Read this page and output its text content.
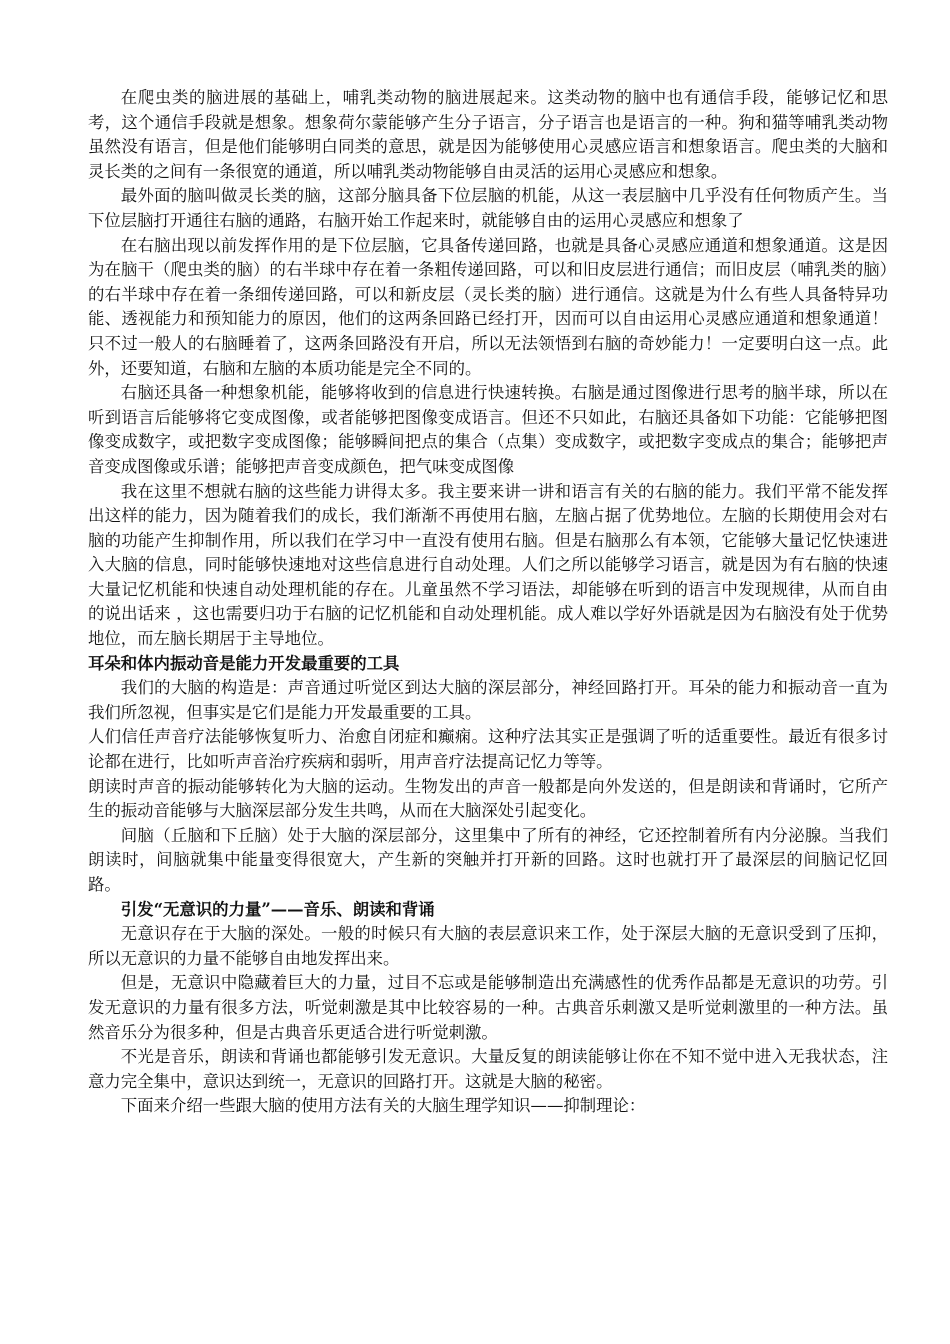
在爬虫类的脑进展的基础上，哺乳类动物的脑进展起来。这类动物的脑中也有通信手段，能够记忆和思考，这个通信手段就是想象。想象荷尔蒙能够产生分子语言，分子语言也是语言的一种。狗和猫等哺乳类动物虽然没有语言，但是他们能够明白同类的意思，就是因为能够使用心灵感应语言和想象语言。爬虫类的大脑和灵长类的之间有一条很宽的通道，所以哺乳类动物能够自由灵活的运用心灵感应和想象。

最外面的脑叫做灵长类的脑，这部分脑具备下位层脑的机能，从这一表层脑中几乎没有任何物质产生。当下位层脑打开通往右脑的通路，右脑开始工作起来时，就能够自由的运用心灵感应和想象了

在右脑出现以前发挥作用的是下位层脑，它具备传递回路，也就是具备心灵感应通道和想象通道。这是因为在脑干（爬虫类的脑）的右半球中存在着一条粗传递回路，可以和旧皮层进行通信；而旧皮层（哺乳类的脑）的右半球中存在着一条细传递回路，可以和新皮层（灵长类的脑）进行通信。这就是为什么有些人具备特异功能、透视能力和预知能力的原因，他们的这两条回路已经打开，因而可以自由运用心灵感应通道和想象通道！只不过一般人的右脑睡着了，这两条回路没有开启，所以无法领悟到右脑的奇妙能力！一定要明白这一点。此外，还要知道，右脑和左脑的本质功能是完全不同的。

右脑还具备一种想象机能，能够将收到的信息进行快速转换。右脑是通过图像进行思考的脑半球，所以在听到语言后能够将它变成图像，或者能够把图像变成语言。但还不只如此，右脑还具备如下功能：它能够把图像变成数字，或把数字变成图像；能够瞬间把点的集合（点集）变成数字，或把数字变成点的集合；能够把声音变成图像或乐谱；能够把声音变成颜色，把气味变成图像

我在这里不想就右脑的这些能力讲得太多。我主要来讲一讲和语言有关的右脑的能力。我们平常不能发挥出这样的能力，因为随着我们的成长，我们渐渐不再使用右脑，左脑占据了优势地位。左脑的长期使用会对右脑的功能产生抑制作用，所以我们在学习中一直没有使用右脑。但是右脑那么有本领，它能够大量记忆快速进入大脑的信息，同时能够快速地对这些信息进行自动处理。人们之所以能够学习语言，就是因为有右脑的快速大量记忆机能和快速自动处理机能的存在。儿童虽然不学习语法，却能够在听到的语言中发现规律，从而自由的说出话来 ，这也需要归功于右脑的记忆机能和自动处理机能。成人难以学好外语就是因为右脑没有处于优势地位，而左脑长期居于主导地位。

耳朵和体内振动音是能力开发最重要的工具

我们的大脑的构造是：声音通过听觉区到达大脑的深层部分，神经回路打开。耳朵的能力和振动音一直为我们所忽视，但事实是它们是能力开发最重要的工具。

人们信任声音疗法能够恢复听力、治愈自闭症和癫痫。这种疗法其实正是强调了听的适重要性。最近有很多讨论都在进行，比如听声音治疗疾病和弱听，用声音疗法提高记忆力等等。

朗读时声音的振动能够转化为大脑的运动。生物发出的声音一般都是向外发送的，但是朗读和背诵时，它所产生的振动音能够与大脑深层部分发生共鸣，从而在大脑深处引起变化。

间脑（丘脑和下丘脑）处于大脑的深层部分，这里集中了所有的神经，它还控制着所有内分泌腺。当我们朗读时，间脑就集中能量变得很宽大，产生新的突触并打开新的回路。这时也就打开了最深层的间脑记忆回路。

引发“无意识的力量”——音乐、朗读和背诵

无意识存在于大脑的深处。一般的时候只有大脑的表层意识来工作，处于深层大脑的无意识受到了压抑，所以无意识的力量不能够自由地发挥出来。

但是，无意识中隐藏着巨大的力量，过目不忘或是能够制造出充满感性的优秀作品都是无意识的功劳。引发无意识的力量有很多方法，听觉刺激是其中比较容易的一种。古典音乐刺激又是听觉刺激里的一种方法。虽然音乐分为很多种，但是古典音乐更适合进行听觉刺激。

不光是音乐，朗读和背诵也都能够引发无意识。大量反复的朗读能够让你在不知不觉中进入无我状态，注意力完全集中，意识达到统一，无意识的回路打开。这就是大脑的秘密。

下面来介绍一些跟大脑的使用方法有关的大脑生理学知识——抑制理论：
